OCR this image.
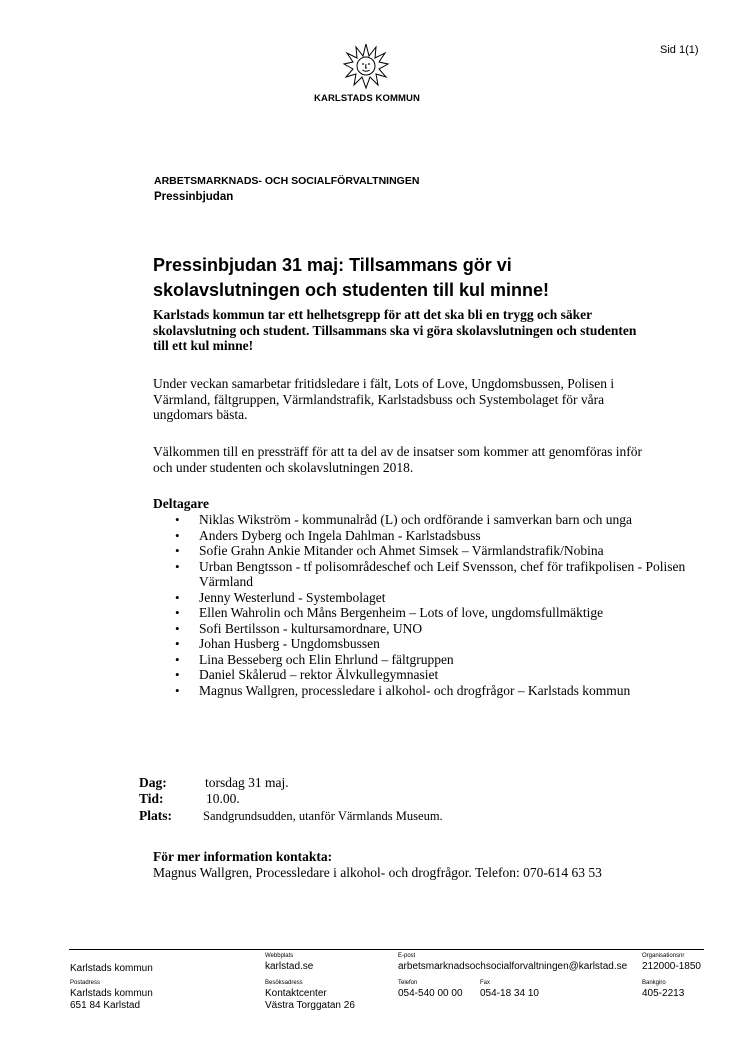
Sid 1(1)
KARLSTADS KOMMUN
ARBETSMARKNADS- OCH SOCIALFÖRVALTNINGEN
Pressinbjudan
Pressinbjudan 31 maj: Tillsammans gör vi skolavslutningen och studenten till kul minne!
Karlstads kommun tar ett helhetsgrepp för att det ska bli en trygg och säker skolavslutning och student. Tillsammans ska vi göra skolavslutningen och studenten till ett kul minne!
Under veckan samarbetar fritidsledare i fält, Lots of Love, Ungdomsbussen, Polisen i Värmland, fältgruppen, Värmlandstrafik, Karlstadsbuss och Systembolaget för våra ungdomars bästa.
Välkommen till en pressträff för att ta del av de insatser som kommer att genomföras inför och under studenten och skolavslutningen 2018.
Deltagare
• Niklas Wikström - kommunalråd (L) och ordförande i samverkan barn och unga
• Anders Dyberg och Ingela Dahlman - Karlstadsbuss
• Sofie Grahn Ankie Mitander och Ahmet Simsek – Värmlandstrafik/Nobina
• Urban Bengtsson - tf polisområdeschef och Leif Svensson, chef för trafikpolisen - Polisen Värmland
• Jenny Westerlund - Systembolaget
• Ellen Wahrolin och Måns Bergenheim – Lots of love, ungdomsfullmäktige
• Sofi Bertilsson - kultursamordnare, UNO
• Johan Husberg - Ungdomsbussen
• Lina Besseberg och Elin Ehrlund – fältgruppen
• Daniel Skålerud – rektor Älvkullegymnasiet
• Magnus Wallgren, processledare i alkohol- och drogfrågor – Karlstads kommun
Dag:	torsdag 31 maj.
Tid:	10.00.
Plats: Sandgrundsudden, utanför Värmlands Museum.
För mer information kontakta:
Magnus Wallgren, Processledare i alkohol- och drogfrågor. Telefon: 070-614 63 53
Karlstads kommun
Webbplats
karlstad.se
E-post
arbetsmarknadsochsocialforvaltningen@karlstad.se
Organisationsnr
212000-1850
Postadress
Karlstads kommun
651 84 Karlstad
Besöksadress
Kontaktcenter
Västra Torggatan 26
Telefon
054-540 00 00
Fax
054-18 34 10
Bankgiro
405-2213
